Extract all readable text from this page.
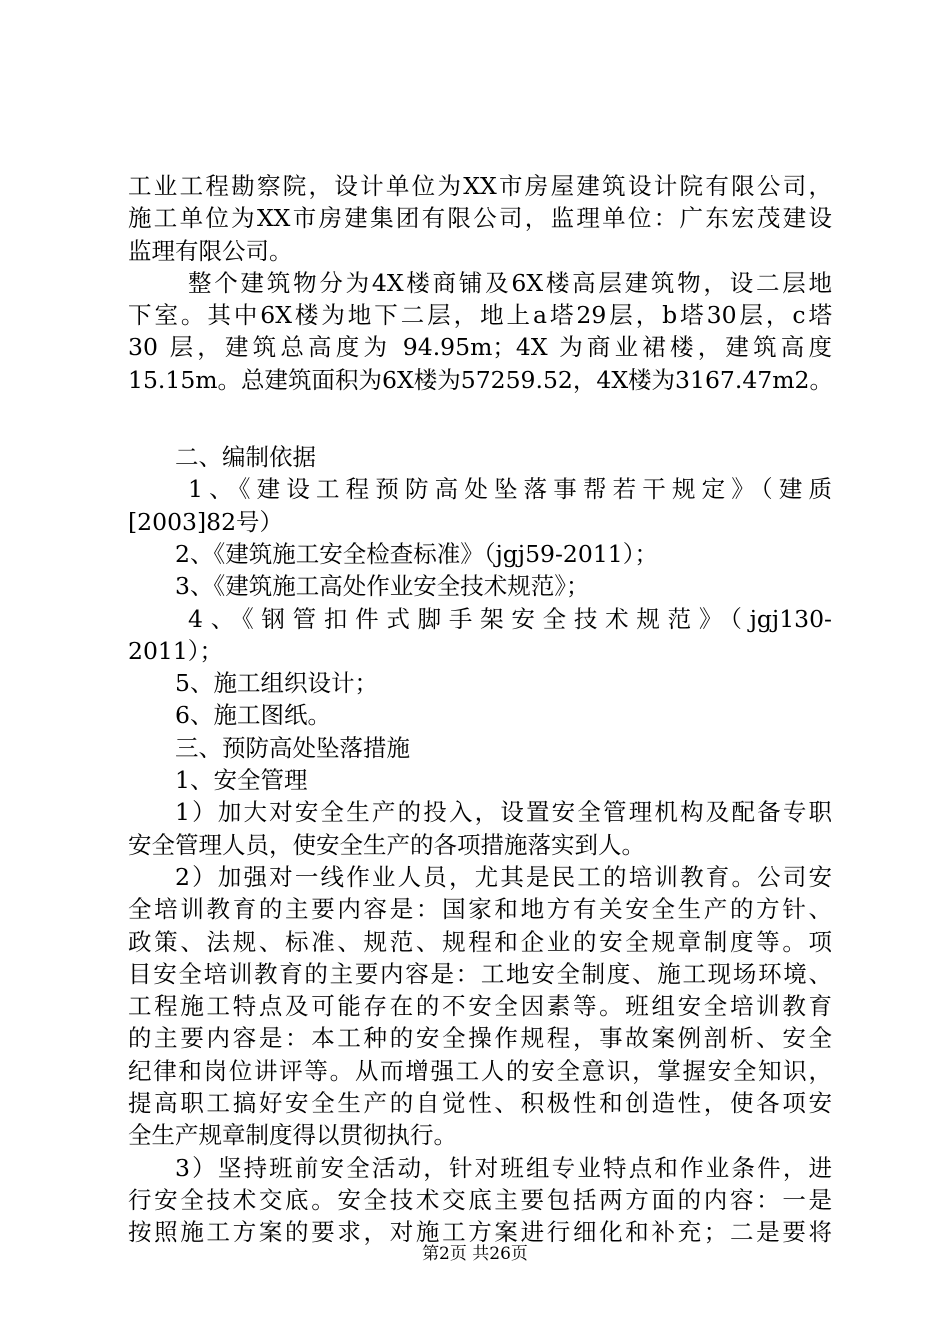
工业工程勘察院，设计单位为XX市房屋建筑设计院有限公司，
施工单位为XX市房建集团有限公司，监理单位：广东宏茂建设
监理有限公司。
整个建筑物分为4X楼商铺及6X楼高层建筑物，设二层地
下室。其中6X楼为地下二层，地上a塔29层，b塔30层，c塔
30 层，建筑总高度为 94.95m；4X 为商业裙楼，建筑高度
15.15m。总建筑面积为6X楼为57259.52，4X楼为3167.47m2。
二、编制依据
1、《建设工程预防高处坠落事帮若干规定》（建质
[2003]82号）
2、《建筑施工安全检查标准》（jgj59-2011）；
3、《建筑施工高处作业安全技术规范》；
4、《钢管扣件式脚手架安全技术规范》（jgj130-
2011）；
5、施工组织设计；
6、施工图纸。
三、预防高处坠落措施
1、安全管理
1）加大对安全生产的投入，设置安全管理机构及配备专职
安全管理人员，使安全生产的各项措施落实到人。
2）加强对一线作业人员，尤其是民工的培训教育。公司安
全培训教育的主要内容是：国家和地方有关安全生产的方针、
政策、法规、标准、规范、规程和企业的安全规章制度等。项
目安全培训教育的主要内容是：工地安全制度、施工现场环境、
工程施工特点及可能存在的不安全因素等。班组安全培训教育
的主要内容是：本工种的安全操作规程，事故案例剖析、安全
纪律和岗位讲评等。从而增强工人的安全意识，掌握安全知识，
提高职工搞好安全生产的自觉性、积极性和创造性，使各项安
全生产规章制度得以贯彻执行。
3）坚持班前安全活动，针对班组专业特点和作业条件，进
行安全技术交底。安全技术交底主要包括两方面的内容：一是
按照施工方案的要求，对施工方案进行细化和补充；二是要将
第2页 共26页
